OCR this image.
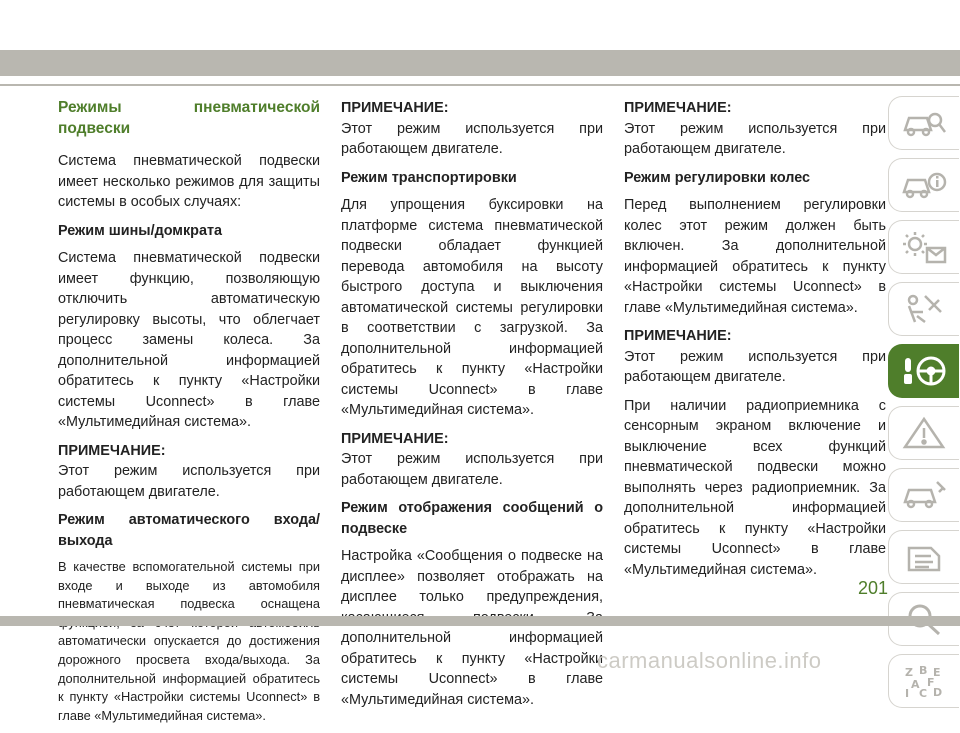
Режимы пневматической подвески

Система пневматической подвески имеет несколько режимов для защиты системы в особых случаях:

Режим шины/домкрата

Система пневматической подвески имеет функцию, позволяющую отключить автоматическую регулировку высоты, что облегчает процесс замены колеса. За дополнительной информацией обратитесь к пункту «Настройки системы Uconnect» в главе «Мультимедийная система».

ПРИМЕЧАНИЕ:

Этот режим используется при работающем двигателе.

Режим автоматического входа/выхода

В качестве вспомогательной системы при входе и выходе из автомобиля пневматическая подвеска оснащена автоматически опускается до достижения дорожного просвета входа/выхода. За дополнительной информацией обратитесь к пункту «Настройки системы Uconnect» в главе «Мультимедийная система».

ПРИМЕЧАНИЕ:

Этот режим используется при работающем двигателе.

Режим транспортировки

Для упрощения буксировки на платформе система пневматической подвески обладает функцией перевода автомобиля на высоту быстрого доступа и выключения автоматической системы регулировки в соответствии с загрузкой. За дополнительной информацией обратитесь к пункту «Настройки системы Uconnect» в главе «Мультимедийная система».

ПРИМЕЧАНИЕ:

Этот режим используется при работающем двигателе.

Режим отображения сообщений о подвеске

Настройка «Сообщения о подвеске на дисплее» позволяет отображать на дисплее только предупреждения, дополнительной информацией обратитесь к пункту «Настройки системы Uconnect» в главе «Мультимедийная система».

ПРИМЕЧАНИЕ:

Этот режим используется при работающем двигателе.

Режим регулировки колес

Перед выполнением регулировки колес этот режим должен быть включен. За дополнительной информацией обратитесь к пункту «Настройки системы Uconnect» в главе «Мультимедийная система».

ПРИМЕЧАНИЕ:

Этот режим используется при работающем двигателе.

При наличии радиоприемника с сенсорным экраном включение и выключение всех функций пневматической подвески можно выполнять через радиоприемник. За дополнительной информацией обратитесь к пункту «Настройки системы Uconnect» в главе «Мультимедийная система».

Z B E
A F
I C D
201
carmanualsonline.info
